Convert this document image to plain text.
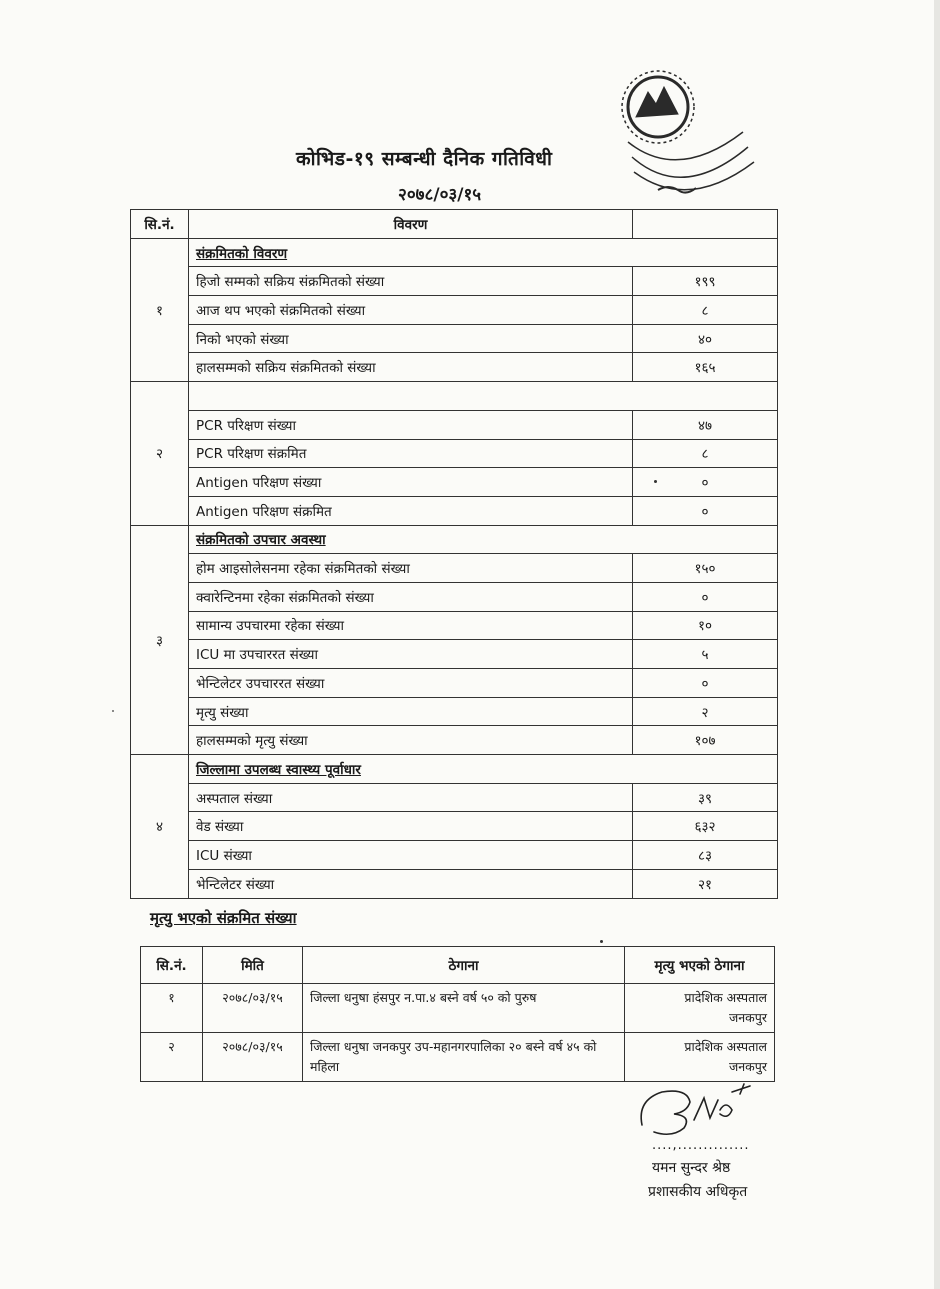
कोभिड-१९ सम्बन्धी दैनिक गतिविधी
२०७८/०३/१५
सि.नं.	विवरण	
१	संक्रमितको विवरण	
	हिजो सम्मको सक्रिय संक्रमितको संख्या	१९९
	आज थप भएको संक्रमितको संख्या	८
	निको भएको संख्या	४०
	हालसम्मको सक्रिय संक्रमितको संख्या	१६५
२		
	PCR परिक्षण संख्या	४७
	PCR परिक्षण संक्रमित	८
	Antigen परिक्षण संख्या	०
	Antigen परिक्षण संक्रमित	०
३	संक्रमितको उपचार अवस्था	
	होम आइसोलेसनमा रहेका संक्रमितको संख्या	१५०
	क्वारेन्टिनमा रहेका संक्रमितको संख्या	०
	सामान्य उपचारमा रहेका संख्या	१०
	ICU मा उपचाररत संख्या	५
	भेन्टिलेटर उपचाररत संख्या	०
	मृत्यु संख्या	२
	हालसम्मको मृत्यु संख्या	१०७
४	जिल्लामा उपलब्ध स्वास्थ्य पूर्वाधार	
	अस्पताल संख्या	३९
	वेड संख्या	६३२
	ICU संख्या	८३
	भेन्टिलेटर संख्या	२१
मृत्यु भएको संक्रमित संख्या
सि.नं.	मिति	ठेगाना	मृत्यु भएको ठेगाना
१	२०७८/०३/१५	जिल्ला धनुषा हंसपुर न.पा.४ बस्ने वर्ष ५० को पुरुष	प्रादेशिक अस्पताल
जनकपुर

२	२०७८/०३/१५	जिल्ला धनुषा जनकपुर उप-महानगरपालिका २० बस्ने वर्ष ४५ को महिला	प्रादेशिक अस्पताल
जनकपुर
....,..............
यमन सुन्दर श्रेष्ठ
प्रशासकीय अधिकृत
